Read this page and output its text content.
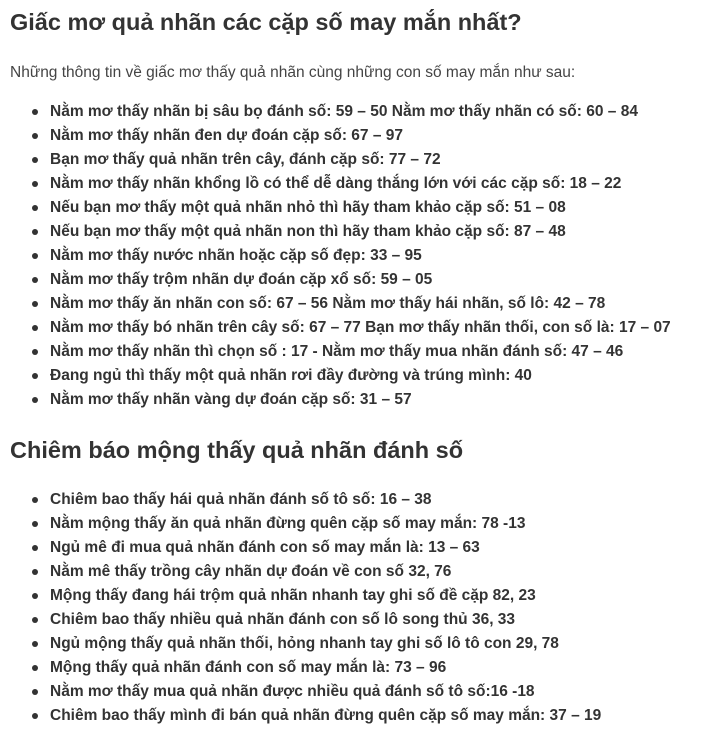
Giấc mơ quả nhãn các cặp số may mắn nhất?

Những thông tin về giấc mơ thấy quả nhãn cùng những con số may mắn như sau:

Nằm mơ thấy nhãn bị sâu bọ đánh số: 59 – 50 Nằm mơ thấy nhãn có số: 60 – 84
Nằm mơ thấy nhãn đen dự đoán cặp số: 67 – 97
Bạn mơ thấy quả nhãn trên cây, đánh cặp số: 77 – 72
Nằm mơ thấy nhãn khổng lồ có thể dễ dàng thắng lớn với các cặp số: 18 – 22
Nếu bạn mơ thấy một quả nhãn nhỏ thì hãy tham khảo cặp số: 51 – 08
Nếu bạn mơ thấy một quả nhãn non thì hãy tham khảo cặp số: 87 – 48
Nằm mơ thấy nước nhãn hoặc cặp số đẹp: 33 – 95
Nằm mơ thấy trộm nhãn dự đoán cặp xổ số: 59 – 05
Nằm mơ thấy ăn nhãn con số: 67 – 56 Nằm mơ thấy hái nhãn, số lô: 42 – 78
Nằm mơ thấy bó nhãn trên cây số: 67 – 77 Bạn mơ thấy nhãn thối, con số là: 17 – 07
Nằm mơ thấy nhãn thì chọn số : 17 - Nằm mơ thấy mua nhãn đánh số: 47 – 46
Đang ngủ thì thấy một quả nhãn rơi đầy đường và trúng mình: 40
Nằm mơ thấy nhãn vàng dự đoán cặp số: 31 – 57
Chiêm báo mộng thấy quả nhãn đánh số
Chiêm bao thấy hái quả nhãn đánh số tô số: 16 – 38
Nằm mộng thấy ăn quả nhãn đừng quên cặp số may mắn: 78 -13
Ngủ mê đi mua quả nhãn đánh con số may mắn là: 13 – 63
Nằm mê thấy trồng cây nhãn dự đoán về con số 32, 76
Mộng thấy đang hái trộm quả nhãn nhanh tay ghi số đề cặp 82, 23
Chiêm bao thấy nhiều quả nhãn đánh con số lô song thủ 36, 33
Ngủ mộng thấy quả nhãn thối, hỏng nhanh tay ghi số lô tô con 29, 78
Mộng thấy quả nhãn đánh con số may mắn là: 73 – 96
Nằm mơ thấy mua quả nhãn được nhiều quả đánh số tô số:16 -18
Chiêm bao thấy mình đi bán quả nhãn đừng quên cặp số may mắn: 37 – 19
